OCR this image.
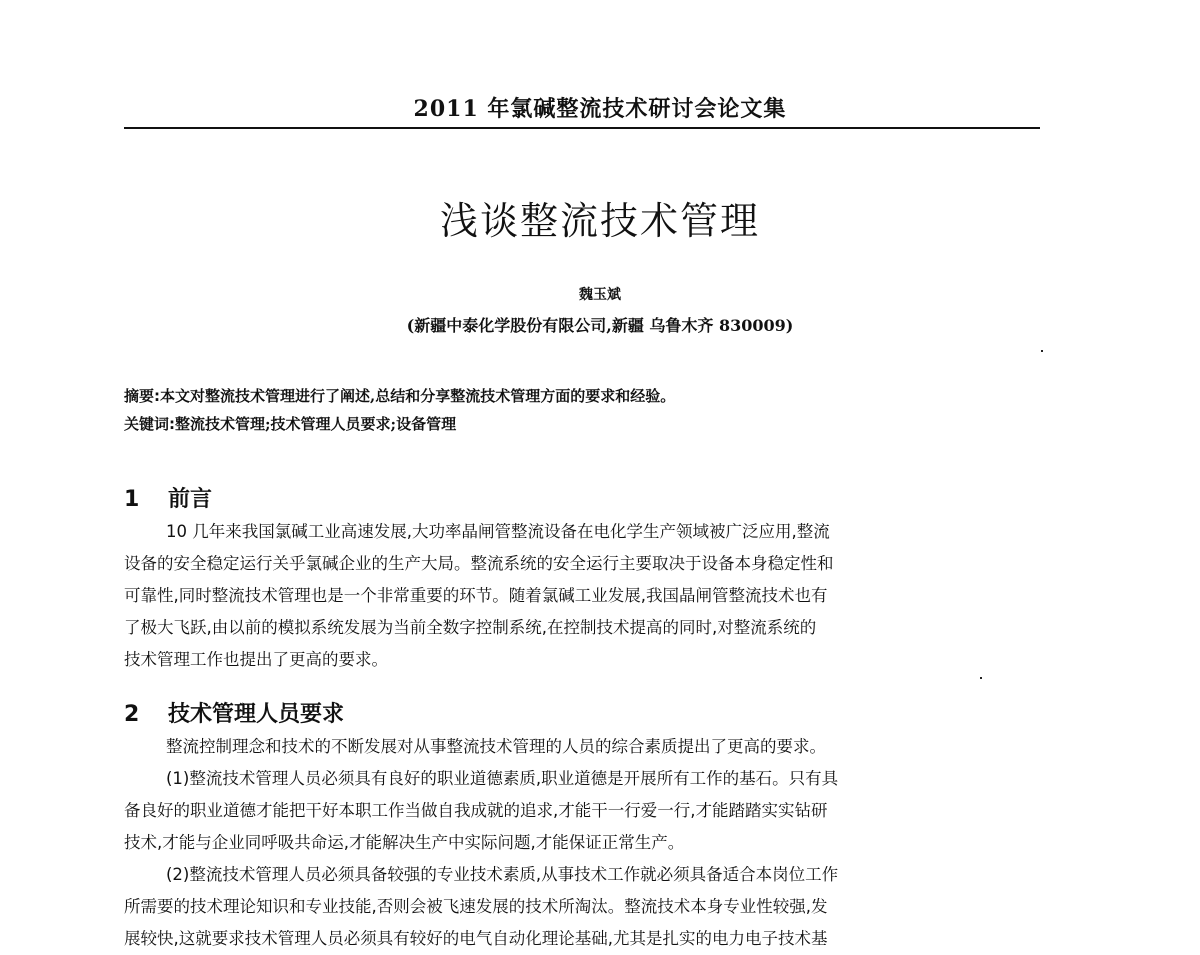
2011 年氯碱整流技术研讨会论文集
浅谈整流技术管理
魏玉斌
(新疆中泰化学股份有限公司,新疆 乌鲁木齐 830009)
摘要:本文对整流技术管理进行了阐述,总结和分享整流技术管理方面的要求和经验。
关键词:整流技术管理;技术管理人员要求;设备管理
1 前言
10 几年来我国氯碱工业高速发展,大功率晶闸管整流设备在电化学生产领域被广泛应用,整流
设备的安全稳定运行关乎氯碱企业的生产大局。整流系统的安全运行主要取决于设备本身稳定性和
可靠性,同时整流技术管理也是一个非常重要的环节。随着氯碱工业发展,我国晶闸管整流技术也有
了极大飞跃,由以前的模拟系统发展为当前全数字控制系统,在控制技术提高的同时,对整流系统的
技术管理工作也提出了更高的要求。
2 技术管理人员要求
整流控制理念和技术的不断发展对从事整流技术管理的人员的综合素质提出了更高的要求。
(1)整流技术管理人员必须具有良好的职业道德素质,职业道德是开展所有工作的基石。只有具
备良好的职业道德才能把干好本职工作当做自我成就的追求,才能干一行爱一行,才能踏踏实实钻研
技术,才能与企业同呼吸共命运,才能解决生产中实际问题,才能保证正常生产。
(2)整流技术管理人员必须具备较强的专业技术素质,从事技术工作就必须具备适合本岗位工作
所需要的技术理论知识和专业技能,否则会被飞速发展的技术所淘汰。整流技术本身专业性较强,发
展较快,这就要求技术管理人员必须具有较好的电气自动化理论基础,尤其是扎实的电力电子技术基
